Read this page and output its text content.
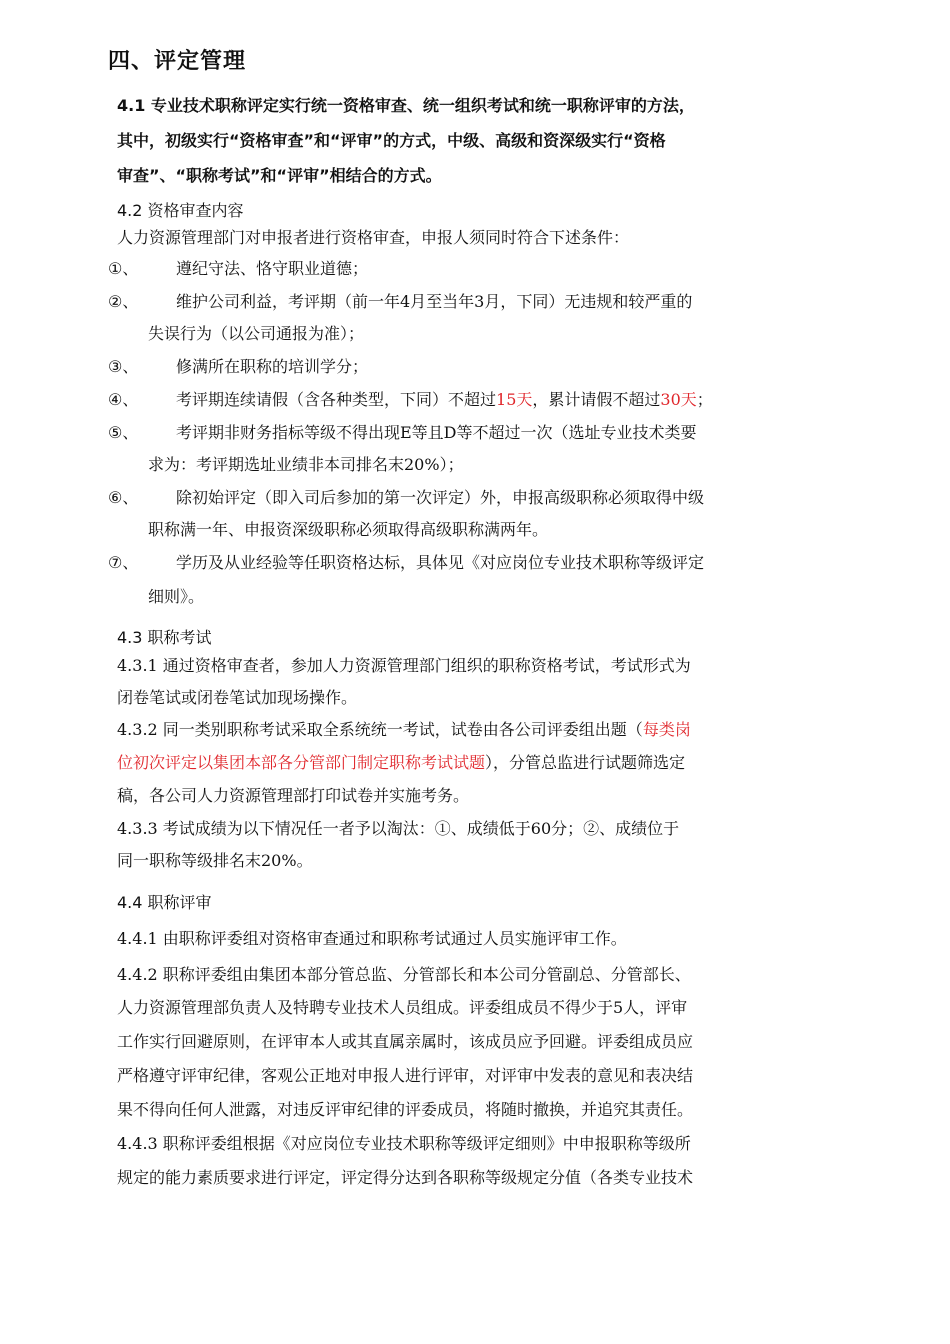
四、评定管理
4.1 专业技术职称评定实行统一资格审查、统一组织考试和统一职称评审的方法，
其中，初级实行“资格审查”和“评审”的方式，中级、高级和资深级实行“资格
审查”、“职称考试”和“评审”相结合的方式。
4.2 资格审查内容
人力资源管理部门对申报者进行资格审查，申报人须同时符合下述条件：
①、 遵纪守法、恪守职业道德；
②、 维护公司利益，考评期（前一年4月至当年3月，下同）无违规和较严重的
失误行为（以公司通报为准）；
③、 修满所在职称的培训学分；
④、 考评期连续请假（含各种类型，下同）不超过15天，累计请假不超过30天；
⑤、 考评期非财务指标等级不得出现E等且D等不超过一次（选址专业技术类要
求为：考评期选址业绩非本司排名末20%）；
⑥、 除初始评定（即入司后参加的第一次评定）外，申报高级职称必须取得中级
职称满一年、申报资深级职称必须取得高级职称满两年。
⑦、 学历及从业经验等任职资格达标，具体见《对应岗位专业技术职称等级评定
细则》。
4.3 职称考试
4.3.1 通过资格审查者，参加人力资源管理部门组织的职称资格考试，考试形式为
闭卷笔试或闭卷笔试加现场操作。
4.3.2 同一类别职称考试采取全系统统一考试，试卷由各公司评委组出题（每类岗
位初次评定以集团本部各分管部门制定职称考试试题），分管总监进行试题筛选定
稿，各公司人力资源管理部打印试卷并实施考务。
4.3.3 考试成绩为以下情况任一者予以淘汰：①、成绩低于60分；②、成绩位于
同一职称等级排名末20%。
4.4 职称评审
4.4.1 由职称评委组对资格审查通过和职称考试通过人员实施评审工作。
4.4.2 职称评委组由集团本部分管总监、分管部长和本公司分管副总、分管部长、
人力资源管理部负责人及特聘专业技术人员组成。评委组成员不得少于5人，评审
工作实行回避原则，在评审本人或其直属亲属时，该成员应予回避。评委组成员应
严格遵守评审纪律，客观公正地对申报人进行评审，对评审中发表的意见和表决结
果不得向任何人泄露，对违反评审纪律的评委成员，将随时撤换，并追究其责任。
4.4.3 职称评委组根据《对应岗位专业技术职称等级评定细则》中申报职称等级所
规定的能力素质要求进行评定，评定得分达到各职称等级规定分值（各类专业技术
